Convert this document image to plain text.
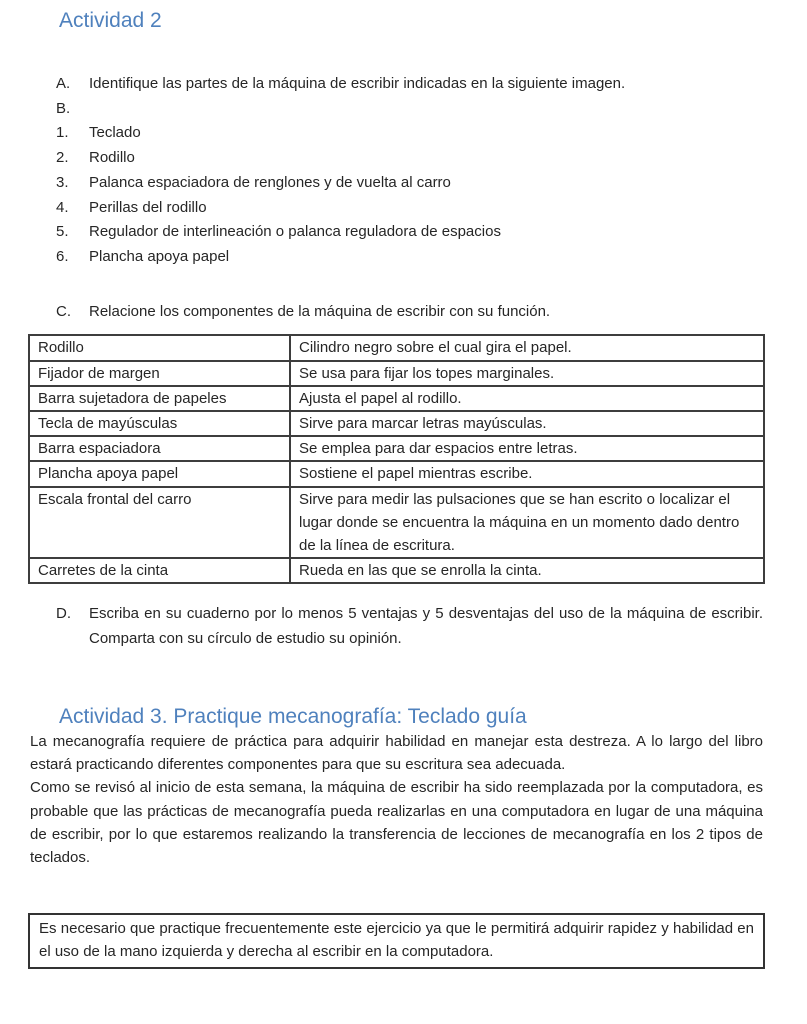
Actividad 2
A.	Identifique las partes de la máquina de escribir indicadas en la siguiente imagen.
B.
1.	Teclado
2.	Rodillo
3.	Palanca espaciadora de renglones y de vuelta al carro
4.	Perillas del rodillo
5.	Regulador de interlineación o palanca reguladora de espacios
6.	Plancha apoya papel
C.	Relacione los componentes de la máquina de escribir con su función.
Rodillo	Cilindro negro sobre el cual gira el papel.
Fijador de margen	Se usa para fijar los topes marginales.
Barra sujetadora de papeles	Ajusta el papel al rodillo.
Tecla de mayúsculas	Sirve para marcar letras mayúsculas.
Barra espaciadora	Se emplea para dar espacios entre letras.
Plancha apoya papel	Sostiene el papel mientras escribe.
Escala frontal del carro	Sirve para medir las pulsaciones que se han escrito o localizar el lugar donde se encuentra la máquina en un momento dado dentro de la línea de escritura.
Carretes de la cinta	Rueda en las que se enrolla la cinta.
D.	Escriba en su cuaderno por lo menos 5 ventajas y 5 desventajas del uso de la máquina de escribir. Comparta con su círculo de estudio su opinión.
Actividad 3. Practique mecanografía: Teclado guía

La mecanografía requiere de práctica para adquirir habilidad en manejar esta destreza. A lo largo del libro estará practicando diferentes componentes para que su escritura sea adecuada.

Como se revisó al inicio de esta semana, la máquina de escribir ha sido reemplazada por la computadora, es probable que las prácticas de mecanografía pueda realizarlas en una computadora en lugar de una máquina de escribir, por lo que estaremos realizando la transferencia de lecciones de mecanografía en los 2 tipos de teclados.

Es necesario que practique frecuentemente este ejercicio ya que le permitirá adquirir rapidez y habilidad en el uso de la mano izquierda y derecha al escribir en la computadora.
